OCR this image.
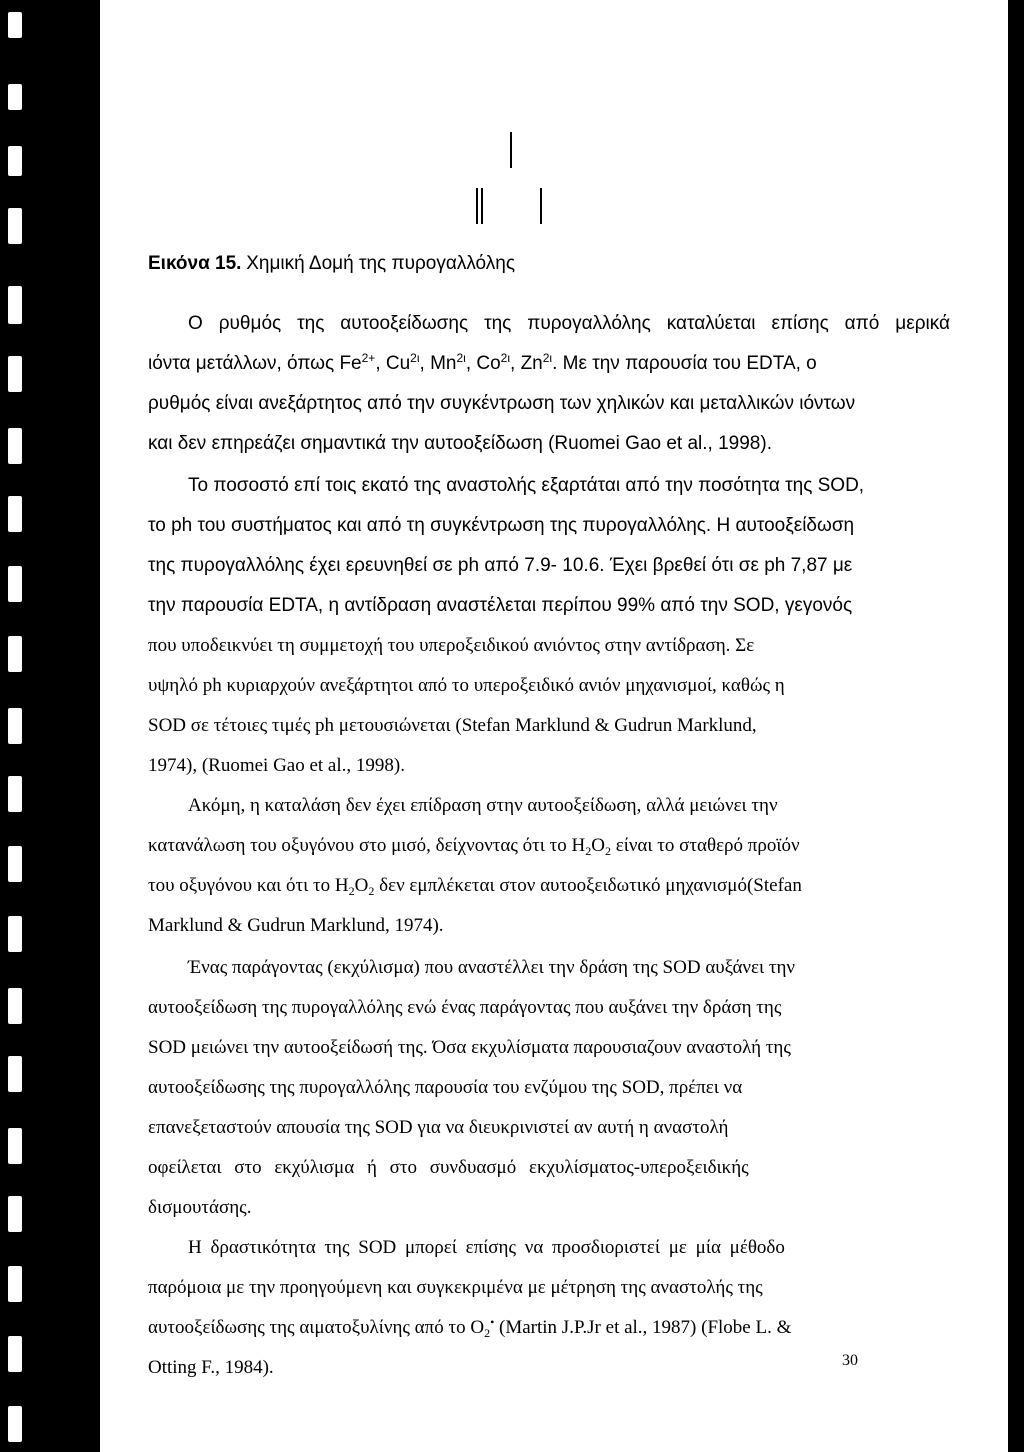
Εικόνα 15. Χημική Δομή της πυρογαλλόλης
Ο ρυθμός της αυτοοξείδωσης της πυρογαλλόλης καταλύεται επίσης από μερικά
ιόντα μετάλλων, όπως $Fe^{2+}$, $Cu^{2\iota}$, $Mn^{2\iota}$, $Co^{2\iota}$, $Zn^{2\iota}$. Με την παρουσία του EDTA, ο
ρυθμός είναι ανεξάρτητος από την συγκέντρωση των χηλικών και μεταλλικών ιόντων
και δεν επηρεάζει σημαντικά την αυτοοξείδωση (Ruomei Gao et al., 1998).
Το ποσοστό επί τοις εκατό της αναστολής εξαρτάται από την ποσότητα της SOD,
το ph του συστήματος και από τη συγκέντρωση της πυρογαλλόλης. Η αυτοοξείδωση
της πυρογαλλόλης έχει ερευνηθεί σε ph από 7.9- 10.6. Έχει βρεθεί ότι σε ph 7,87 με
την παρουσία EDTA, η αντίδραση αναστέλεται περίπου 99% από την SOD, γεγονός
που υποδεικνύει τη συμμετοχή του υπεροξειδικού ανιόντος στην αντίδραση. Σε
υψηλό ph κυριαρχούν ανεξάρτητοι από το υπεροξειδικό ανιόν μηχανισμοί, καθώς η
SOD σε τέτοιες τιμές ph μετουσιώνεται (Stefan Marklund & Gudrun Marklund,
1974), (Ruomei Gao et al., 1998).
Ακόμη, η καταλάση δεν έχει επίδραση στην αυτοοξείδωση, αλλά μειώνει την
κατανάλωση του οξυγόνου στο μισό, δείχνοντας ότι το $H_2O_2$ είναι το σταθερό προϊόν
του οξυγόνου και ότι το $H_2O_2$ δεν εμπλέκεται στον αυτοοξειδωτικό μηχανισμό(Stefan
Marklund & Gudrun Marklund, 1974).
Ένας παράγοντας (εκχύλισμα) που αναστέλλει την δράση της SOD αυξάνει την
αυτοοξείδωση της πυρογαλλόλης ενώ ένας παράγοντας που αυξάνει την δράση της
SOD μειώνει την αυτοοξείδωσή της. Όσα εκχυλίσματα παρουσιαζουν αναστολή της
αυτοοξείδωσης της πυρογαλλόλης παρουσία του ενζύμου της SOD, πρέπει να
επανεξεταστούν απουσία της SOD για να διευκρινιστεί αν αυτή η αναστολή
οφείλεται στο εκχύλισμα ή στο συνδυασμό εκχυλίσματος-υπεροξειδικής
δισμουτάσης.
Η δραστικότητα της SOD μπορεί επίσης να προσδιοριστεί με μία μέθοδο
παρόμοια με την προηγούμενη και συγκεκριμένα με μέτρηση της αναστολής της
αυτοοξείδωσης της αιματοξυλίνης από το $O_2^•$ (Martin J.P.Jr et al., 1987) (Flobe L. &
Otting F., 1984).	30
